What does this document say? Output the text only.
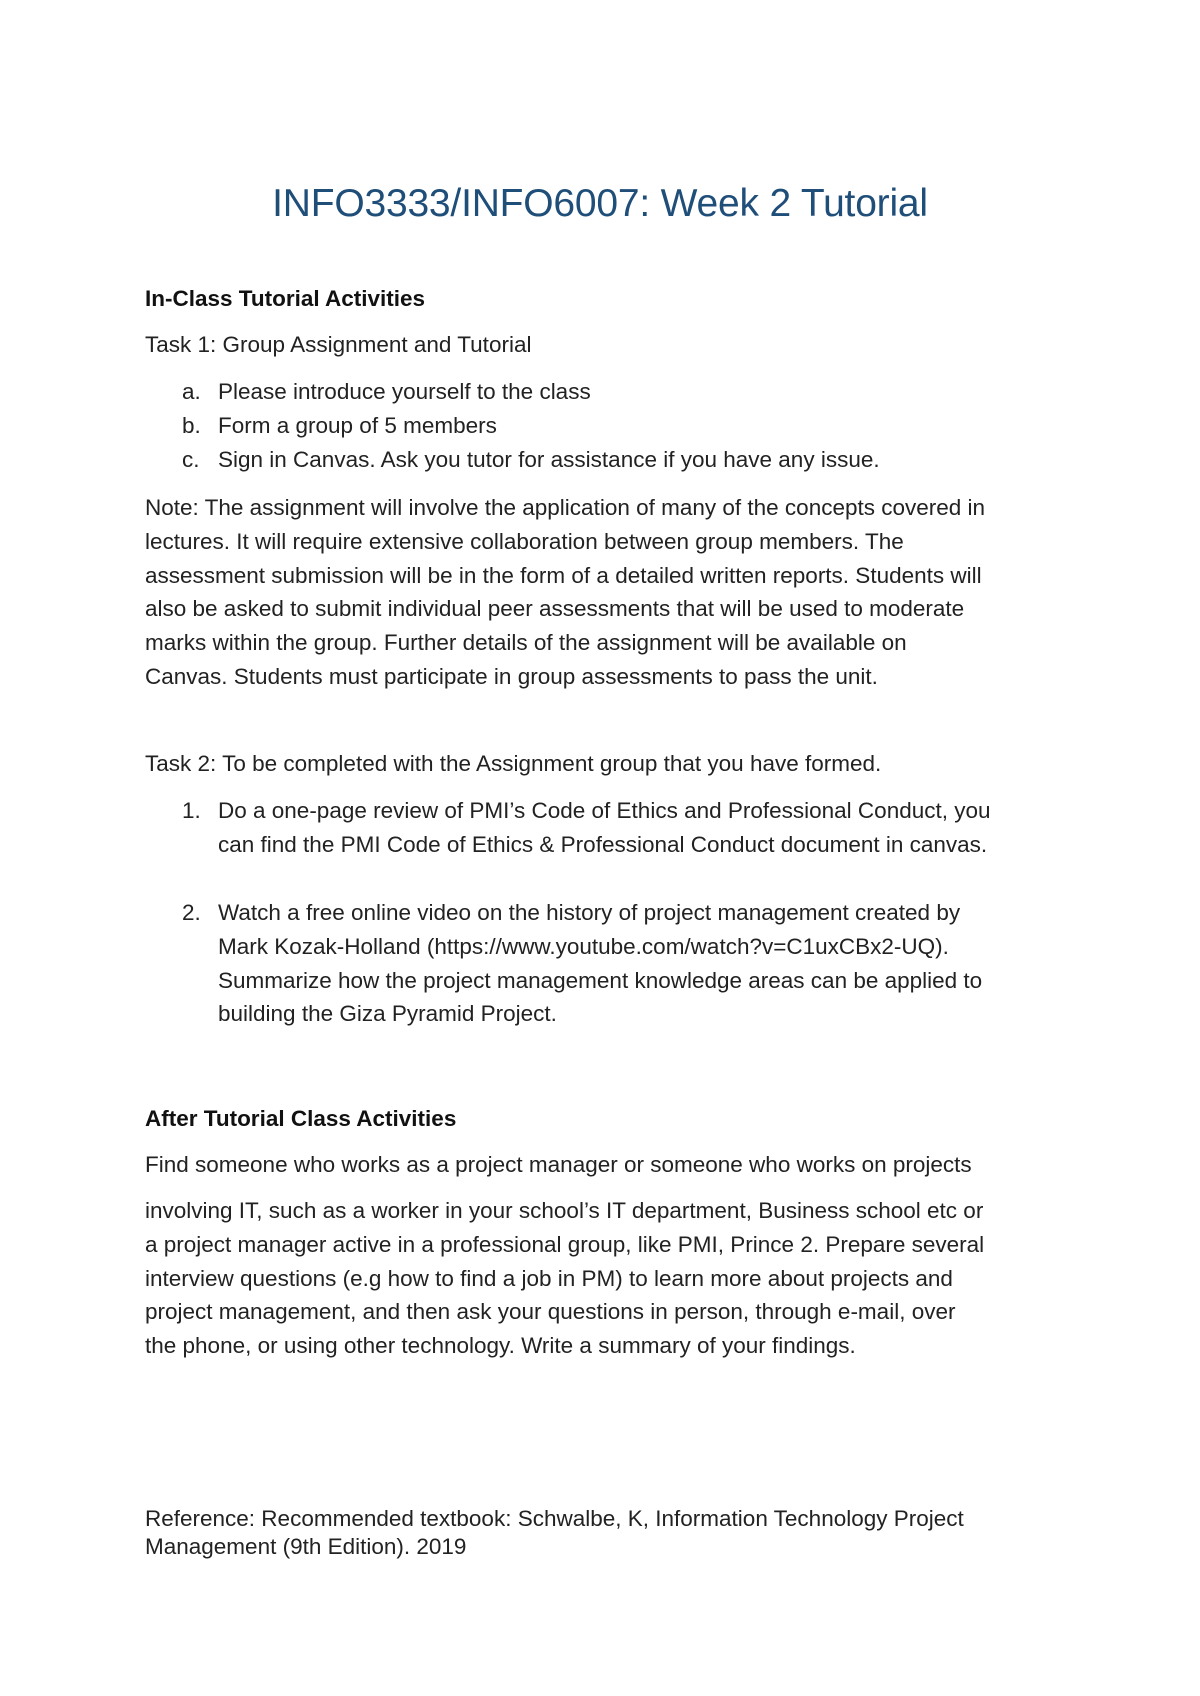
INFO3333/INFO6007: Week 2 Tutorial
In-Class Tutorial Activities
Task 1: Group Assignment and Tutorial
a. Please introduce yourself to the class
b. Form a group of 5 members
c. Sign in Canvas. Ask you tutor for assistance if you have any issue.
Note: The assignment will involve the application of many of the concepts covered in
lectures. It will require extensive collaboration between group members. The
assessment submission will be in the form of a detailed written reports. Students will
also be asked to submit individual peer assessments that will be used to moderate
marks within the group. Further details of the assignment will be available on
Canvas. Students must participate in group assessments to pass the unit.
Task 2: To be completed with the Assignment group that you have formed.
1. Do a one-page review of PMI’s Code of Ethics and Professional Conduct, you
can find the PMI Code of Ethics & Professional Conduct document in canvas.
2. Watch a free online video on the history of project management created by
Mark Kozak-Holland (https://www.youtube.com/watch?v=C1uxCBx2-UQ).
Summarize how the project management knowledge areas can be applied to
building the Giza Pyramid Project.
After Tutorial Class Activities
Find someone who works as a project manager or someone who works on projects
involving IT, such as a worker in your school’s IT department, Business school etc or
a project manager active in a professional group, like PMI, Prince 2. Prepare several
interview questions (e.g how to find a job in PM) to learn more about projects and
project management, and then ask your questions in person, through e-mail, over
the phone, or using other technology. Write a summary of your findings.
Reference: Recommended textbook: Schwalbe, K, Information Technology Project
Management (9th Edition). 2019
